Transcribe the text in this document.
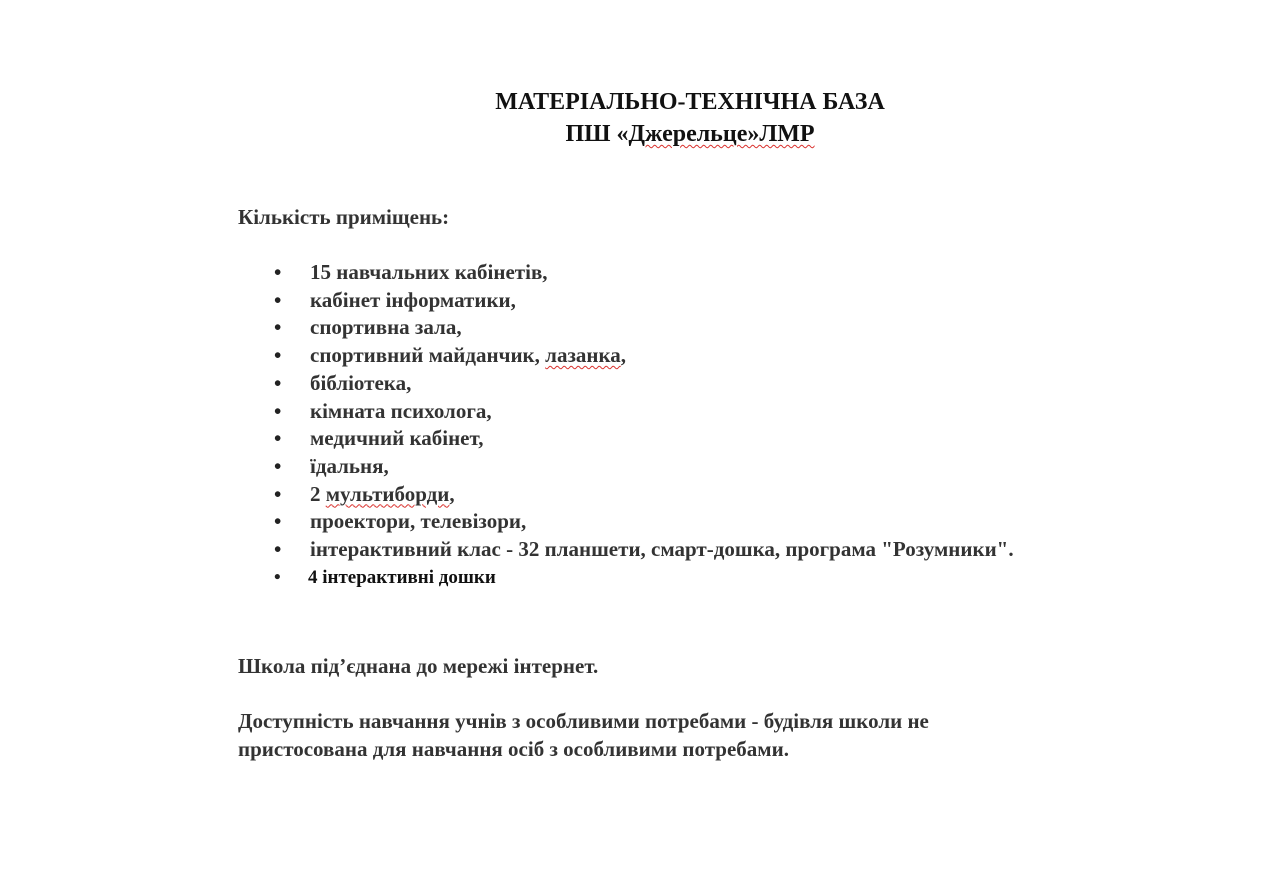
МАТЕРІАЛЬНО-ТЕХНІЧНА БАЗА
ПШ «Джерельце»ЛМР

Кількість приміщень:

• 15 навчальних кабінетів,
• кабінет інформатики,
• спортивна зала,
• спортивний майданчик, лазанка,
• бібліотека,
• кімната психолога,
• медичний кабінет,
• їдальня,
• 2 мультиборди,
• проектори, телевізори,
• інтерактивний клас - 32 планшети, смарт-дошка, програма "Розумники".
• 4 інтерактивні дошки

Школа під’єднана до мережі інтернет.

Доступність навчання учнів з особливими потребами - будівля школи не
пристосована для навчання осіб з особливими потребами.
